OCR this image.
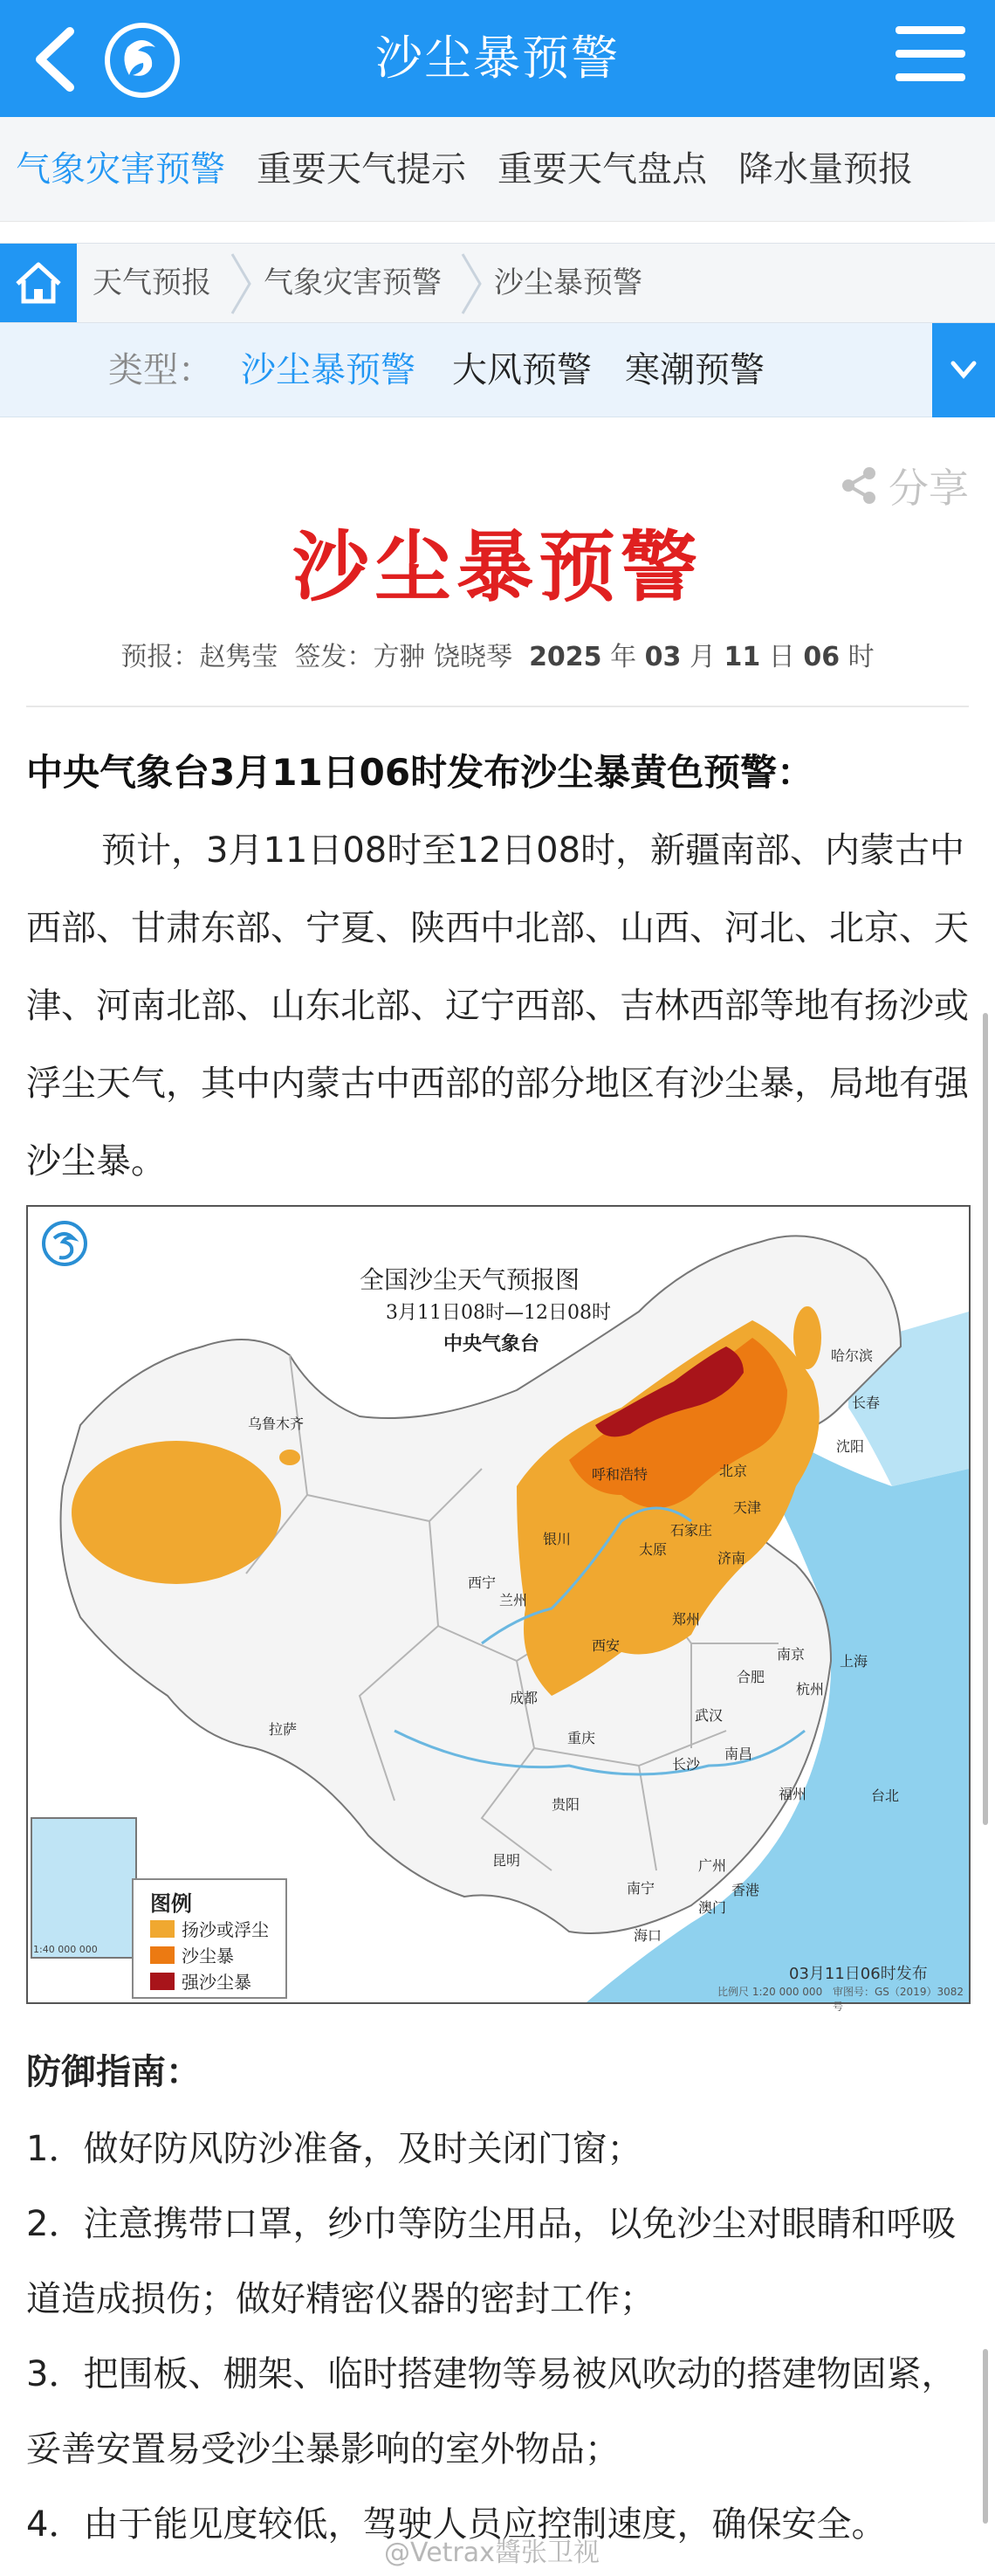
沙尘暴预警
气象灾害预警 重要天气提示 重要天气盘点 降水量预报
天气预报 气象灾害预警 沙尘暴预警
类型： 沙尘暴预警 大风预警 寒潮预警
分享
沙尘暴预警
预报：赵隽莹 签发：方翀 饶晓琴 2025 年 03 月 11 日 06 时
中央气象台3月11日06时发布沙尘暴黄色预警：
预计，3月11日08时至12日08时，新疆南部、内蒙古中西部、甘肃东部、宁夏、陕西中北部、山西、河北、北京、天津、河南北部、山东北部、辽宁西部、吉林西部等地有扬沙或浮尘天气，其中内蒙古中西部的部分地区有沙尘暴，局地有强沙尘暴。
全国沙尘天气预报图
3月11日08时—12日08时
中央气象台
乌鲁木齐
哈尔滨
长春
沈阳
呼和浩特	北京
天津
银川
石家庄
太原
济南
西宁
兰州
郑州
西安
合肥
南京 上海
杭州
成都
武汉
拉萨
重庆
长沙
南昌
福州	台北
贵阳
昆明	广州
南宁	香港
澳门
海口
图例
扬沙或浮尘
沙尘暴
强沙尘暴
1:40 000 000
03月11日06时发布
比例尺 1:20 000 000 审图号：GS（2019）3082号
防御指南：
1．做好防风防沙准备，及时关闭门窗；
2．注意携带口罩，纱巾等防尘用品，以免沙尘对眼睛和呼吸道造成损伤；做好精密仪器的密封工作；
3．把围板、棚架、临时搭建物等易被风吹动的搭建物固紧，妥善安置易受沙尘暴影响的室外物品；
4．由于能见度较低，驾驶人员应控制速度，确保安全。
@Vetrax醬张卫视
